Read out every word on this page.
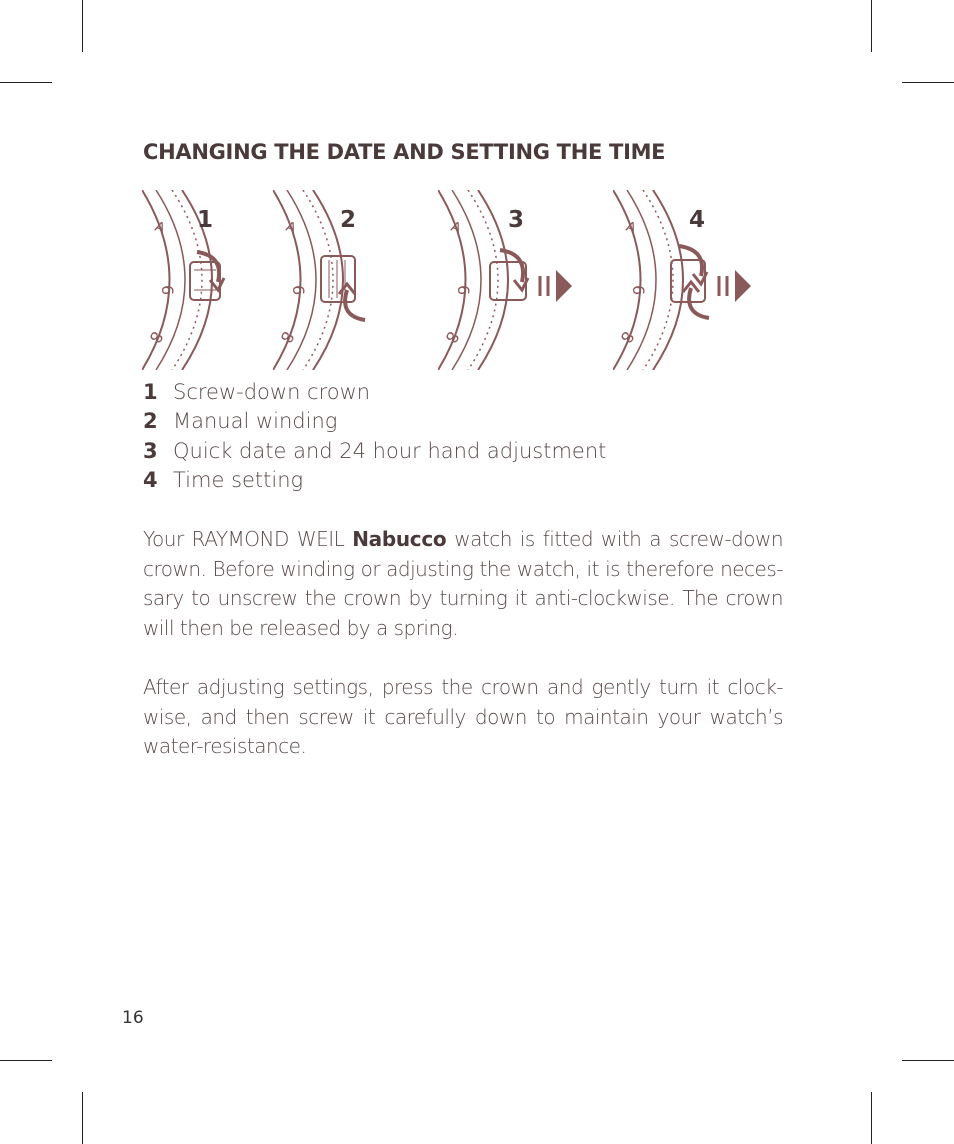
CHANGING THE DATE AND SETTING THE TIME
A
6
8
1	A
6
8
2	A
6
8
3	A
6
8
4
1 Screw-down crown
2 Manual winding
3 Quick date and 24 hour hand adjustment
4 Time setting

Your RAYMOND WEIL Nabucco watch is fitted with a screw-down crown. Before winding or adjusting the watch, it is therefore neces-sary to unscrew the crown by turning it anti-clockwise. The crown will then be released by a spring.

After adjusting settings, press the crown and gently turn it clock-wise, and then screw it carefully down to maintain your watch’s water-resistance.

16
